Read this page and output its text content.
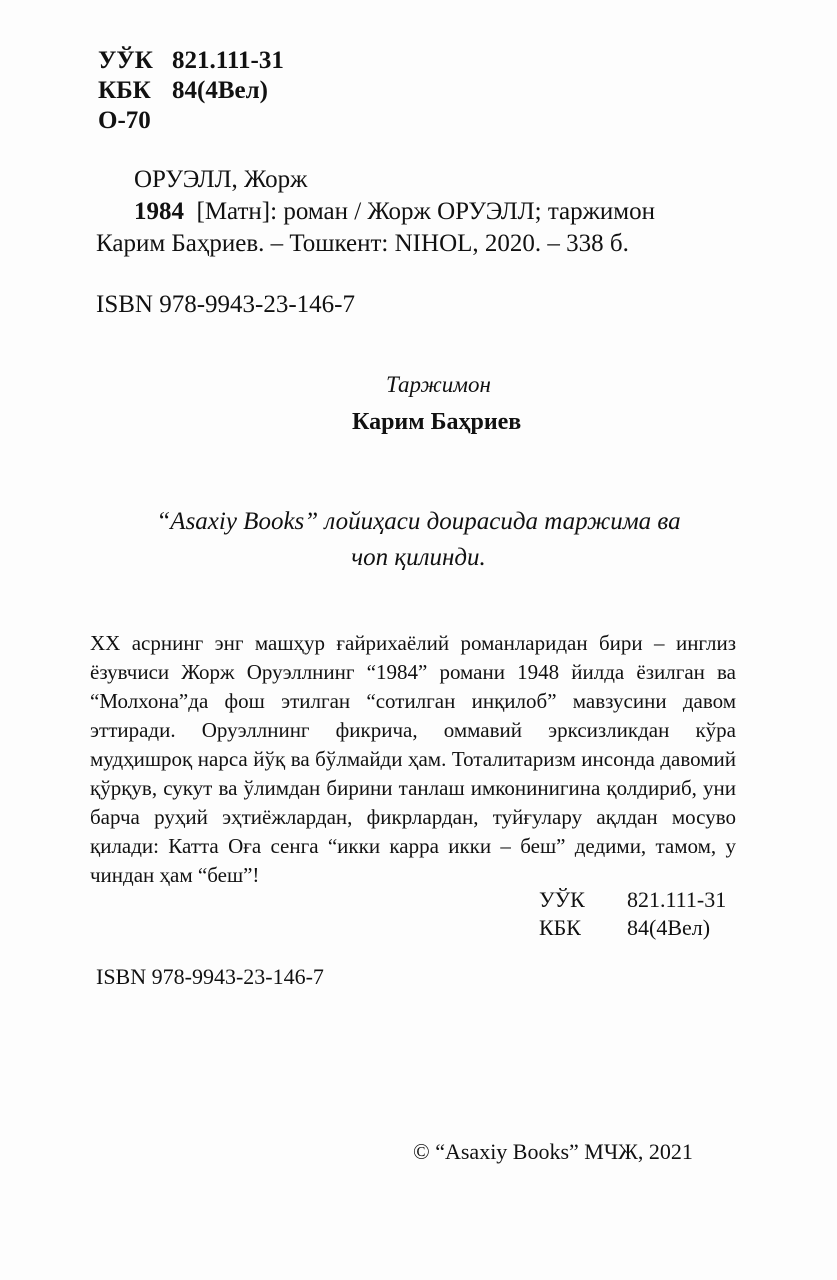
УЎК 821.111-31
КБК 84(4Вел)
О-70
ОРУЭЛЛ, Жорж
1984 [Матн]: роман / Жорж ОРУЭЛЛ; таржимон
Карим Баҳриев. – Тошкент: NIHOL, 2020. – 338 б.
ISBN 978-9943-23-146-7
Таржимон
Карим Баҳриев
“Asaxiy Books” лойиҳаси доирасида таржима ва
чоп қилинди.

XX асрнинг энг машҳур ғайрихаёлий романларидан бири – инглиз ёзувчиси Жорж Оруэллнинг “1984” романи 1948 йилда ёзилган ва “Молхона”да фош этилган “сотилган инқилоб” мавзусини давом эттиради. Оруэллнинг фикрича, оммавий эрксизликдан кўра мудҳишроқ нарса йўқ ва бўлмайди ҳам. Тоталитаризм инсонда давомий қўрқув, сукут ва ўлимдан бирини танлаш имконинигина қолдириб, уни барча руҳий эҳтиёжлардан, фикрлардан, туйғулару ақлдан мосуво қилади: Катта Оға сенга “икки карра икки – беш” дедими, тамом, у чиндан ҳам “беш”!

УЎК 821.111-31
КБК 84(4Вел)
ISBN 978-9943-23-146-7
© “Asaxiy Books” МЧЖ, 2021
